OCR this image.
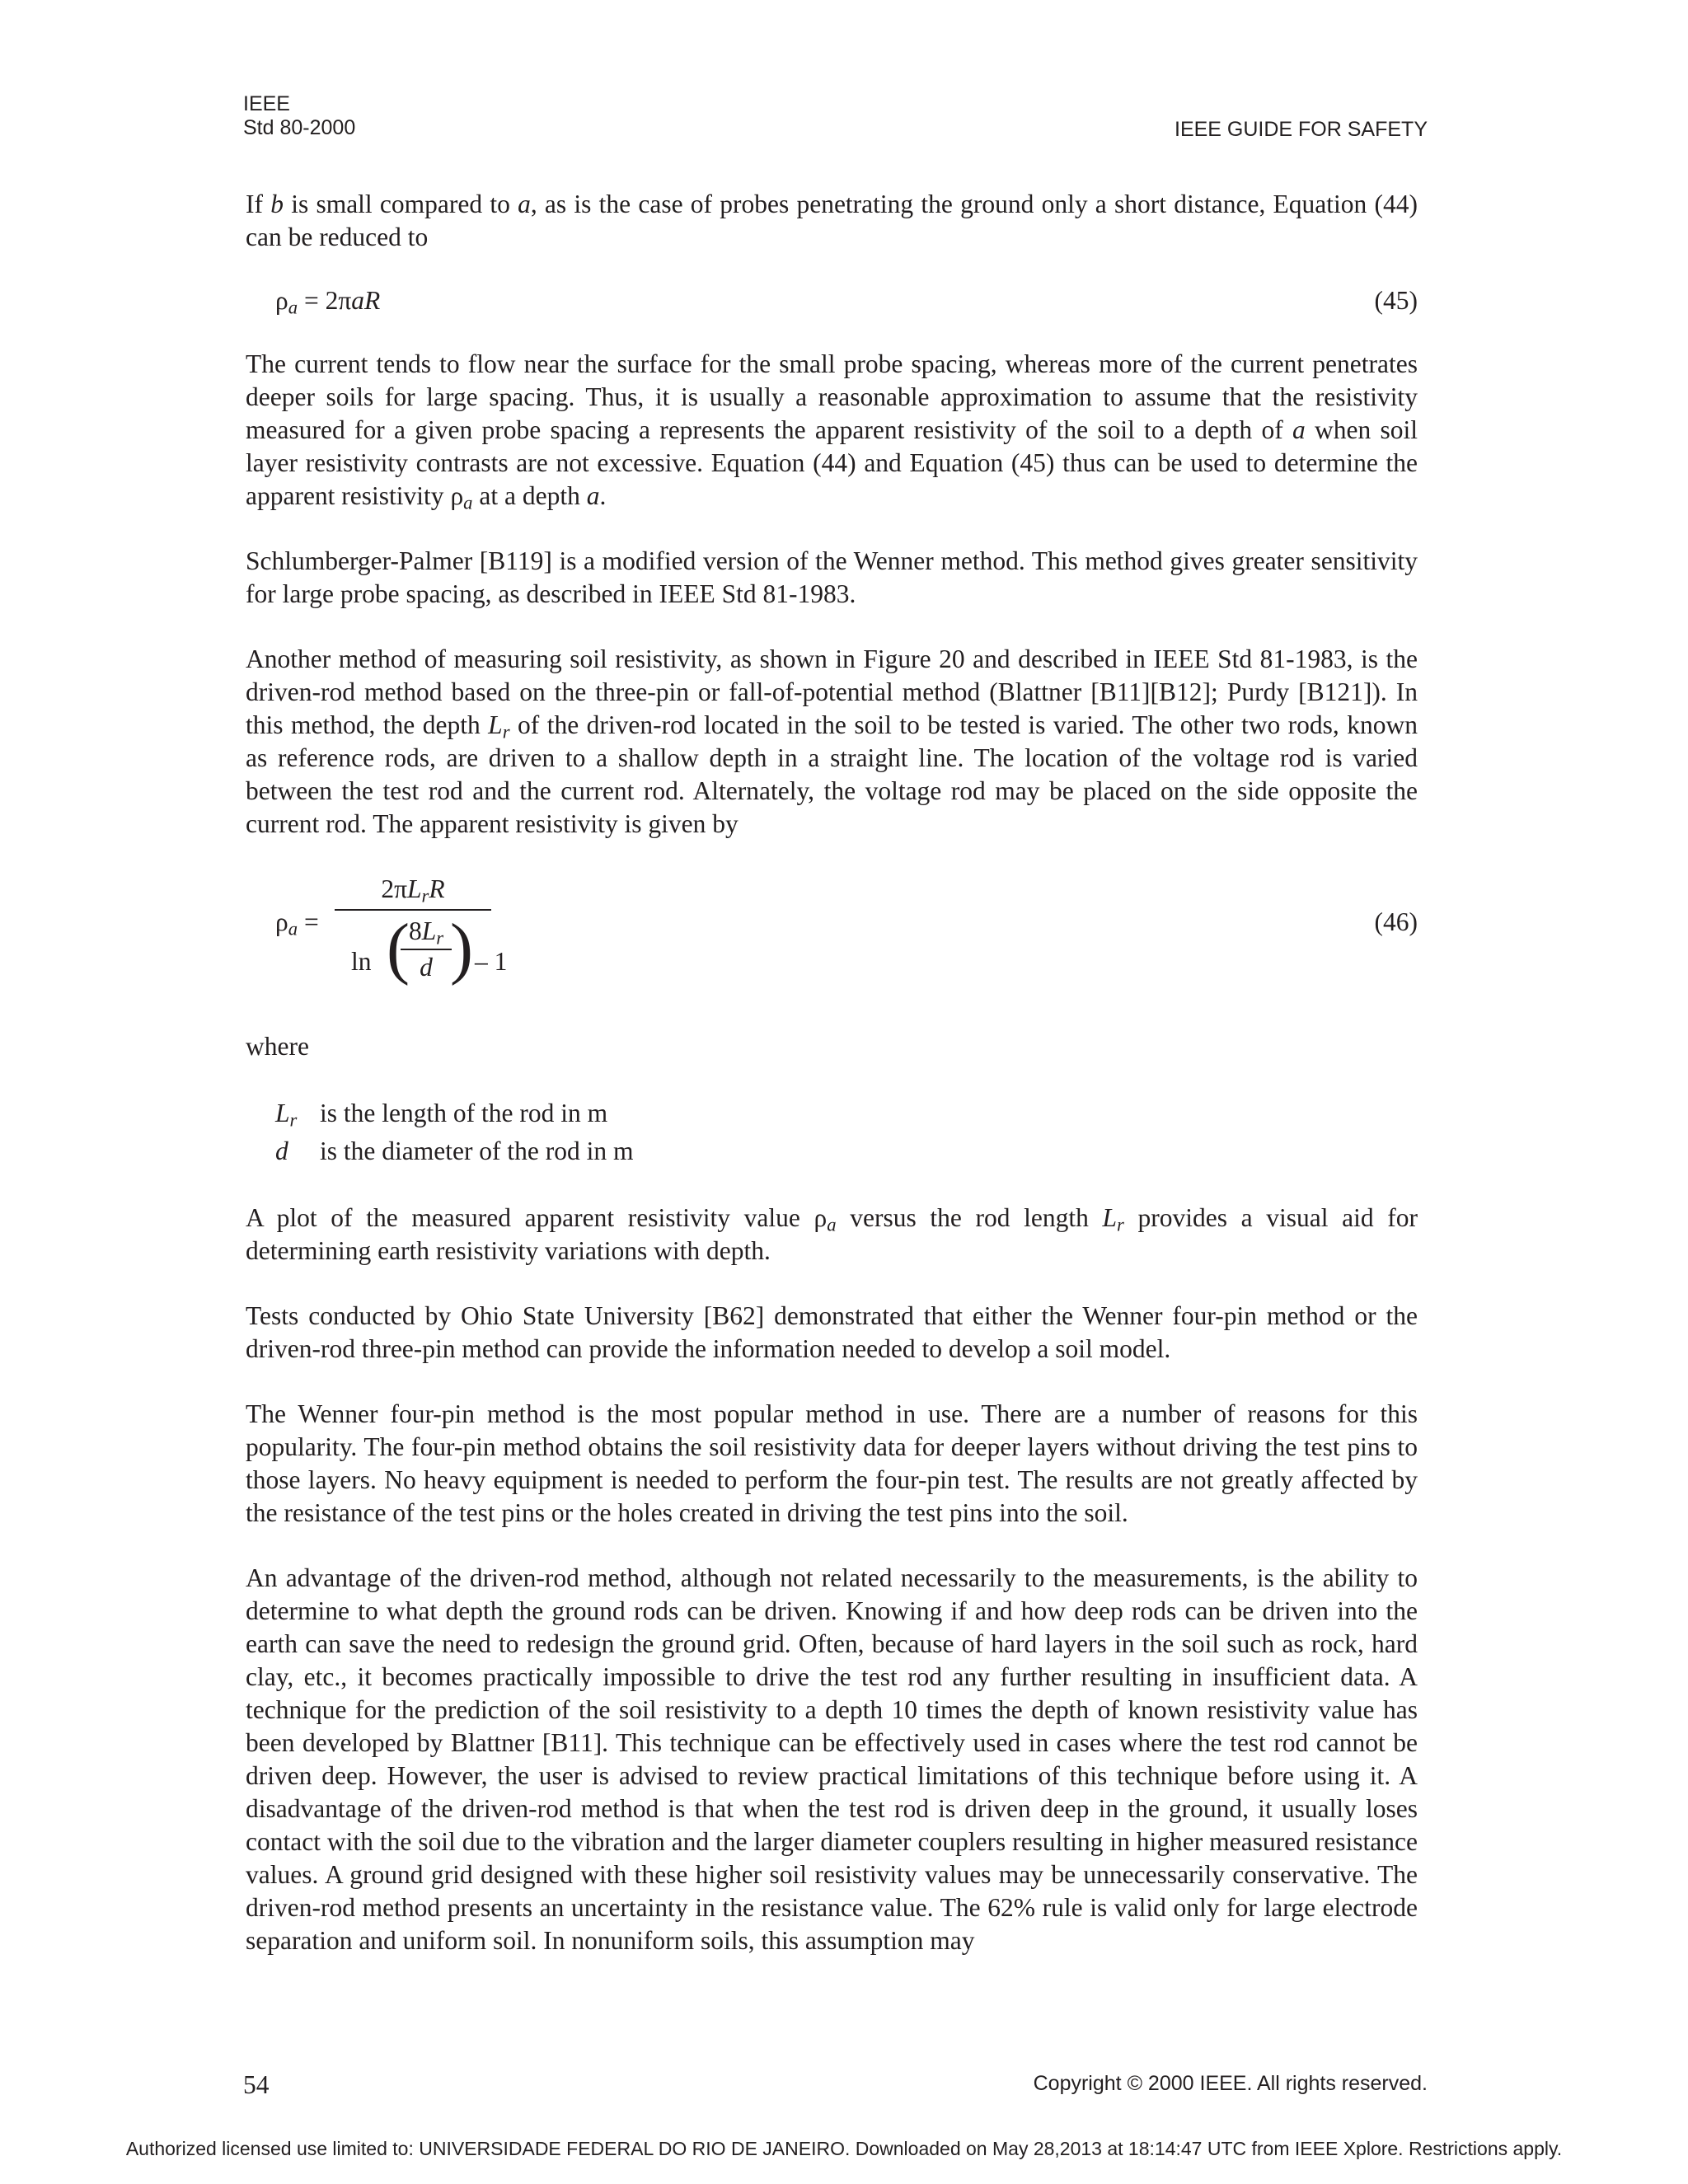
IEEE
Std 80-2000	IEEE GUIDE FOR SAFETY

If b is small compared to a, as is the case of probes penetrating the ground only a short distance, Equation (44) can be reduced to

$\rho_a = 2\pi aR$	(45)

The current tends to flow near the surface for the small probe spacing, whereas more of the current penetrates deeper soils for large spacing. Thus, it is usually a reasonable approximation to assume that the resistivity measured for a given probe spacing a represents the apparent resistivity of the soil to a depth of a when soil layer resistivity contrasts are not excessive. Equation (44) and Equation (45) thus can be used to determine the apparent resistivity $\rho_a$ at a depth a.

Schlumberger-Palmer [B119] is a modified version of the Wenner method. This method gives greater sensitivity for large probe spacing, as described in IEEE Std 81-1983.

Another method of measuring soil resistivity, as shown in Figure 20 and described in IEEE Std 81-1983, is the driven-rod method based on the three-pin or fall-of-potential method (Blattner [B11][B12]; Purdy [B121]). In this method, the depth $L_r$ of the driven-rod located in the soil to be tested is varied. The other two rods, known as reference rods, are driven to a shallow depth in a straight line. The location of the voltage rod is varied between the test rod and the current rod. Alternately, the voltage rod may be placed on the side opposite the current rod. The apparent resistivity is given by

$\rho_a$ =
$2\pi L_rR$
ln (
$8L_r$
d ) – 1
(46)
where
$L_r$ is the length of the rod in m
d	is the diameter of the rod in m

A plot of the measured apparent resistivity value $\rho_a$ versus the rod length $L_r$ provides a visual aid for determining earth resistivity variations with depth.

Tests conducted by Ohio State University [B62] demonstrated that either the Wenner four-pin method or the driven-rod three-pin method can provide the information needed to develop a soil model.

The Wenner four-pin method is the most popular method in use. There are a number of reasons for this popularity. The four-pin method obtains the soil resistivity data for deeper layers without driving the test pins to those layers. No heavy equipment is needed to perform the four-pin test. The results are not greatly affected by the resistance of the test pins or the holes created in driving the test pins into the soil.

An advantage of the driven-rod method, although not related necessarily to the measurements, is the ability to determine to what depth the ground rods can be driven. Knowing if and how deep rods can be driven into the earth can save the need to redesign the ground grid. Often, because of hard layers in the soil such as rock, hard clay, etc., it becomes practically impossible to drive the test rod any further resulting in insufficient data. A technique for the prediction of the soil resistivity to a depth 10 times the depth of known resistivity value has been developed by Blattner [B11]. This technique can be effectively used in cases where the test rod cannot be driven deep. However, the user is advised to review practical limitations of this technique before using it. A disadvantage of the driven-rod method is that when the test rod is driven deep in the ground, it usually loses contact with the soil due to the vibration and the larger diameter couplers resulting in higher measured resistance values. A ground grid designed with these higher soil resistivity values may be unnecessarily conservative. The driven-rod method presents an uncertainty in the resistance value. The 62% rule is valid only for large electrode separation and uniform soil. In nonuniform soils, this assumption may

54	Copyright © 2000 IEEE. All rights reserved.
Authorized licensed use limited to: UNIVERSIDADE FEDERAL DO RIO DE JANEIRO. Downloaded on May 28,2013 at 18:14:47 UTC from IEEE Xplore. Restrictions apply.
